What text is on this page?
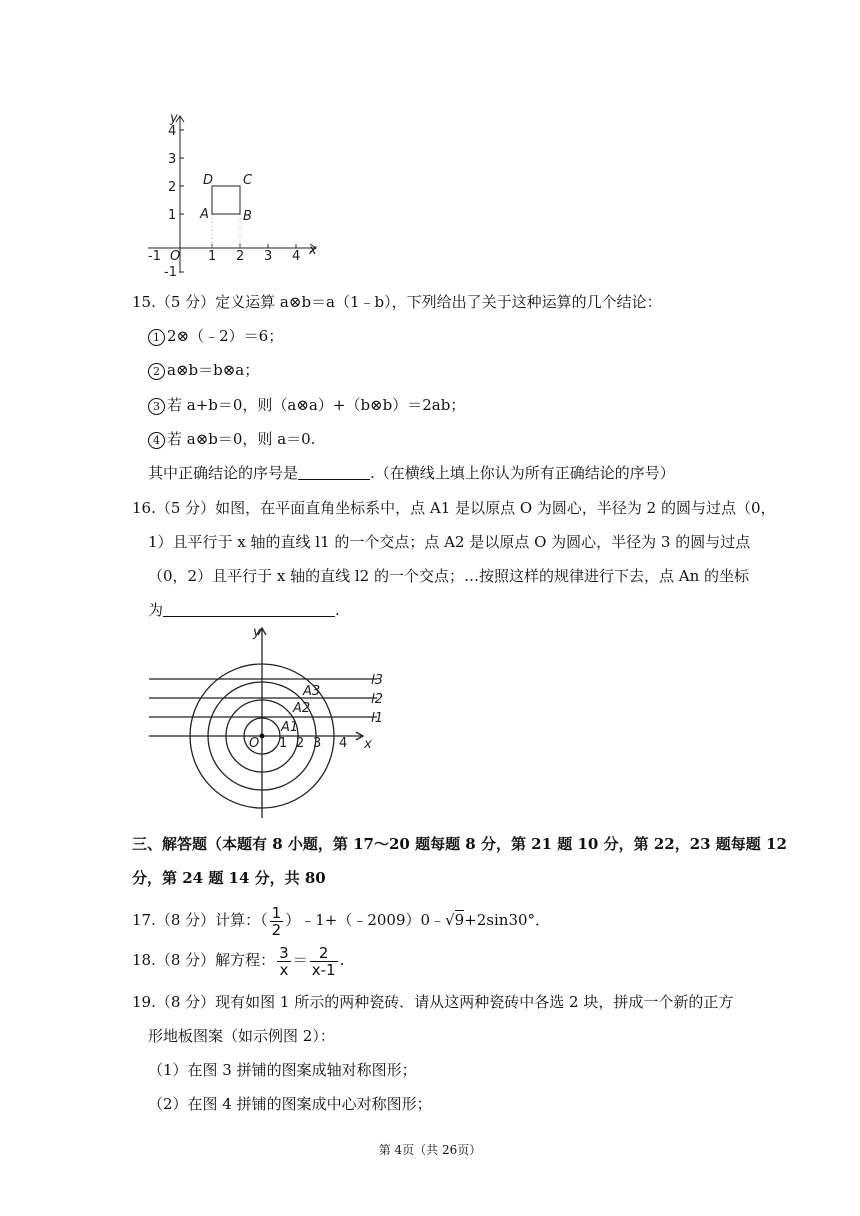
y
x
4
3
2
1
-1
-1 O 1 2 3 4
A	B
C
D
15.（5 分）定义运算 a⊗b＝a（1﹣b），下列给出了关于这种运算的几个结论：
1 2⊗（﹣2）＝6；
2 a⊗b＝b⊗a；
3 若 a+b＝0，则（a⊗a）+（b⊗b）＝2ab；
4 若 a⊗b＝0，则 a＝0.
其中正确结论的序号是	.（在横线上填上你认为所有正确结论的序号）
16.（5 分）如图，在平面直角坐标系中，点 A1 是以原点 O 为圆心，半径为 2 的圆与过点（0，
1）且平行于 x 轴的直线 l1 的一个交点；点 A2 是以原点 O 为圆心，半径为 3 的圆与过点
（0，2）且平行于 x 轴的直线 l2 的一个交点；…按照这样的规律进行下去，点 An 的坐标
为	.
y
x
O 1 2 3 4
l3
l2
l1
A3
A2
A1
三、解答题（本题有 8 小题，第 17～20 题每题 8 分，第 21 题 10 分，第 22，23 题每题 12
分，第 24 题 14 分，共 80
17.（8 分）计算：（ $\frac{1}{2}$ ）﹣1+（﹣2009）0﹣√9+2sin30°．
18.（8 分）解方程： $\frac{3}{x} = \frac{2}{x-1}$ .
19.（8 分）现有如图 1 所示的两种瓷砖．请从这两种瓷砖中各选 2 块，拼成一个新的正方
形地板图案（如示例图 2）：
（1）在图 3 拼铺的图案成轴对称图形；
（2）在图 4 拼铺的图案成中心对称图形；
第 4页（共 26页）
